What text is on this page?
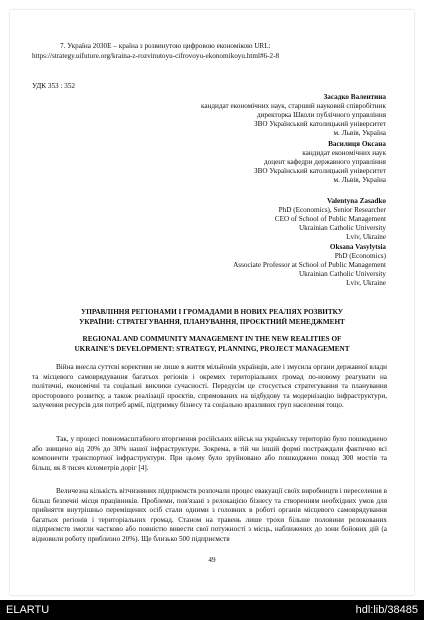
7. Україна 2030Е – країна з розвинутою цифровою економікою URL:
https://strategy.uifuture.org/kraina-z-rozvinutoyu-cifrovoyu-ekonomikoyu.html#6-2-8
УДК 353 : 352
Засадко Валентина
кандидат економічних наук, старший науковий співробітник
директорка Школи публічного управління
ЗВО Український католицький університет
м. Львів, Україна
Василиця Оксана
кандидат економічних наук
доцент кафедри державного управління
ЗВО Український католицький університет
м. Львів, Україна
Valentyna Zasadko
PhD (Economics), Senior Researcher
CEO of School of Public Management
Ukrainian Catholic University
Lviv, Ukraine
Oksana Vasylytsia
PhD (Economics)
Associate Professor at School of Public Management
Ukrainian Catholic University
Lviv, Ukraine
УПРАВЛІННЯ РЕГІОНАМИ І ГРОМАДАМИ В НОВИХ РЕАЛІЯХ РОЗВИТКУ
УКРАЇНИ: СТРАТЕГУВАННЯ, ПЛАНУВАННЯ, ПРОЄКТНИЙ МЕНЕДЖМЕНТ
REGIONAL AND COMMUNITY MANAGEMENT IN THE NEW REALITIES OF
UKRAINE'S DEVELOPMENT: STRATEGY, PLANNING, PROJECT MANAGEMENT
Війна внесла суттєві корективи не лише в життя мільйонів українців, але і змусила органи державної влади та місцевого самоврядування багатьох регіонів і окремих територіальних громад по-новому реагувати на політичні, економічні та соціальні виклики сучасності. Передусім це стосується стратегування та планування просторового розвитку, а також реалізації проєктів, спрямованих на відбудову та модернізацію інфраструктури, залучення ресурсів для потреб армії, підтримку бізнесу та соціально вразливих груп населення тощо.
Так, у процесі повномасштабного вторгнення російських військ на українську територію було пошкоджено або знищено від 20% до 30% нашої інфраструктури. Зокрема, в тій чи іншій формі постраждали фактично всі компоненти транспортної інфраструктури. При цьому було зруйновано або пошкоджено понад 300 мостів та більш, як 8 тисяч кілометрів доріг [4].
Величезна кількість вітчизняних підприємств розпочали процес евакуації своїх виробництв і переселення в більш безпечні місця працівників. Проблеми, пов'язані з релокацією бізнесу та створенням необхідних умов для прийняття внутрішньо переміщених осіб стали одними з головних в роботі органів місцевого самоврядування багатьох регіонів і територіальних громад. Станом на травень лише трохи більше половини релокованих підприємств змогли частково або повністю вивести свої потужності з місць, наближених до зони бойових дій (а відновили роботу приблизно 20%). Ще близько 500 підприємств
49
ELARTU	hdl:lib/38485
